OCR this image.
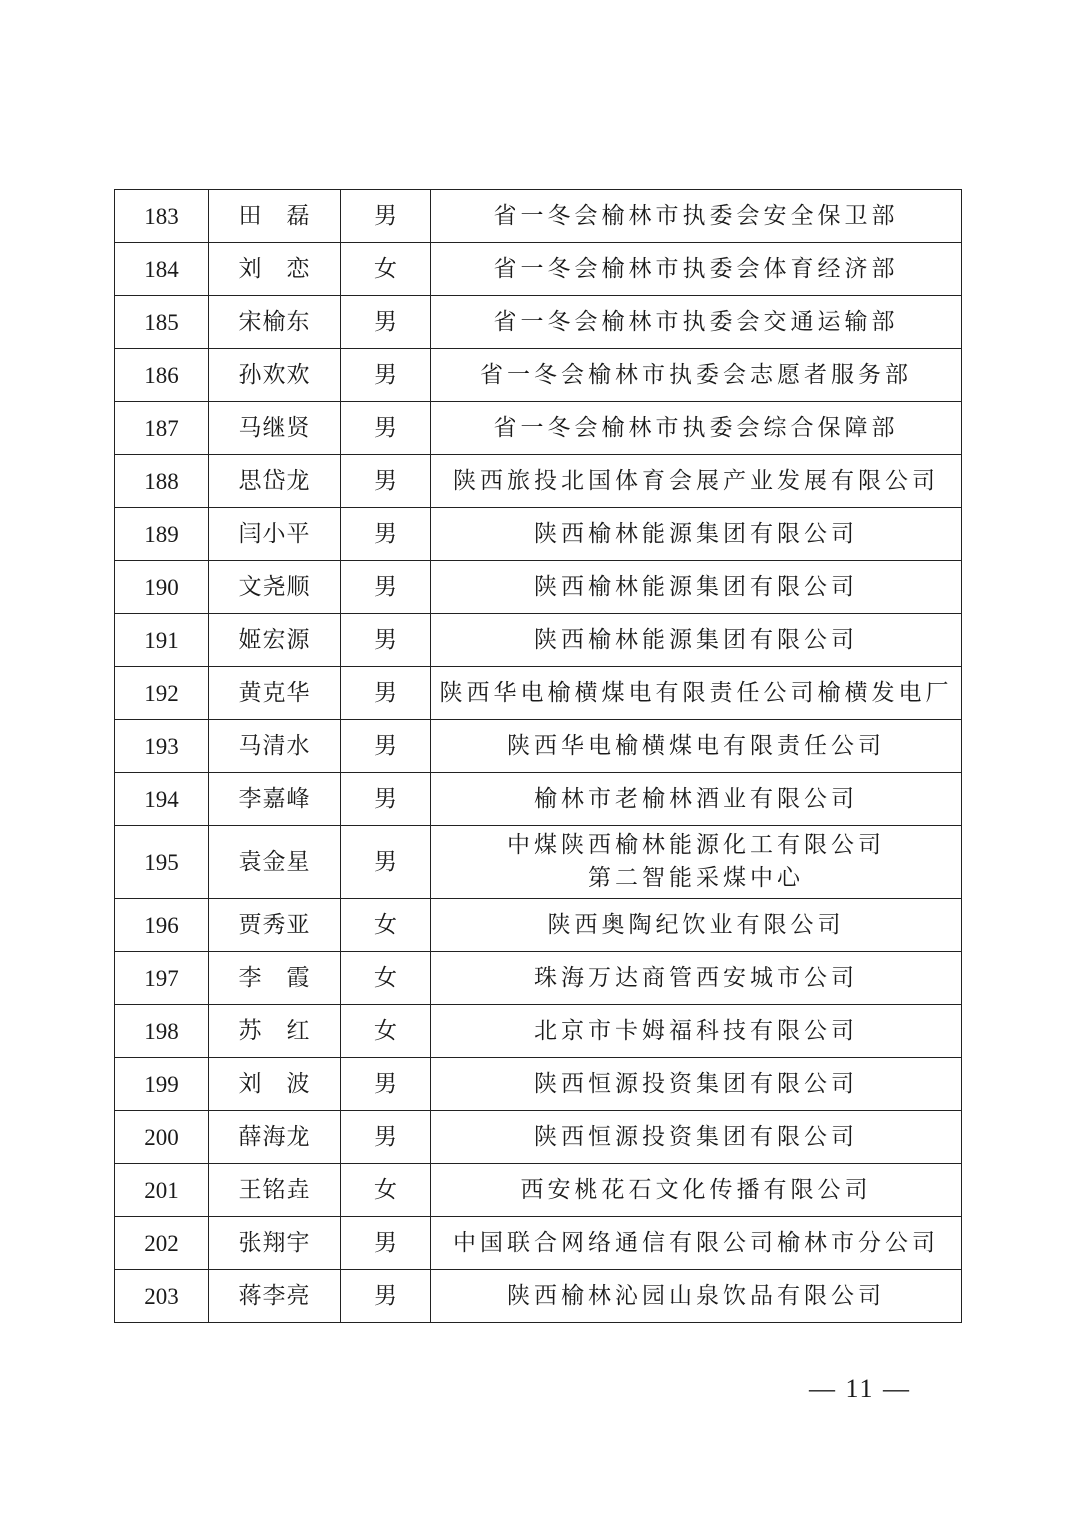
183	田　磊	男	省一冬会榆林市执委会安全保卫部

184	刘　恋	女	省一冬会榆林市执委会体育经济部

185	宋榆东	男	省一冬会榆林市执委会交通运输部

186	孙欢欢	男	省一冬会榆林市执委会志愿者服务部

187	马继贤	男	省一冬会榆林市执委会综合保障部

188	思岱龙	男	陕西旅投北国体育会展产业发展有限公司

189	闫小平	男	陕西榆林能源集团有限公司

190	文尧顺	男	陕西榆林能源集团有限公司

191	姬宏源	男	陕西榆林能源集团有限公司

192	黄克华	男	陕西华电榆横煤电有限责任公司榆横发电厂

193	马清水	男	陕西华电榆横煤电有限责任公司

194	李嘉峰	男	榆林市老榆林酒业有限公司

195	袁金星	男	中煤陕西榆林能源化工有限公司
第二智能采煤中心

196	贾秀亚	女	陕西奥陶纪饮业有限公司

197	李　霞	女	珠海万达商管西安城市公司

198	苏　红	女	北京市卡姆福科技有限公司

199	刘　波	男	陕西恒源投资集团有限公司

200	薛海龙	男	陕西恒源投资集团有限公司

201	王铭垚	女	西安桃花石文化传播有限公司

202	张翔宇	男	中国联合网络通信有限公司榆林市分公司

203	蒋李亮	男	陕西榆林沁园山泉饮品有限公司
— 11 —
